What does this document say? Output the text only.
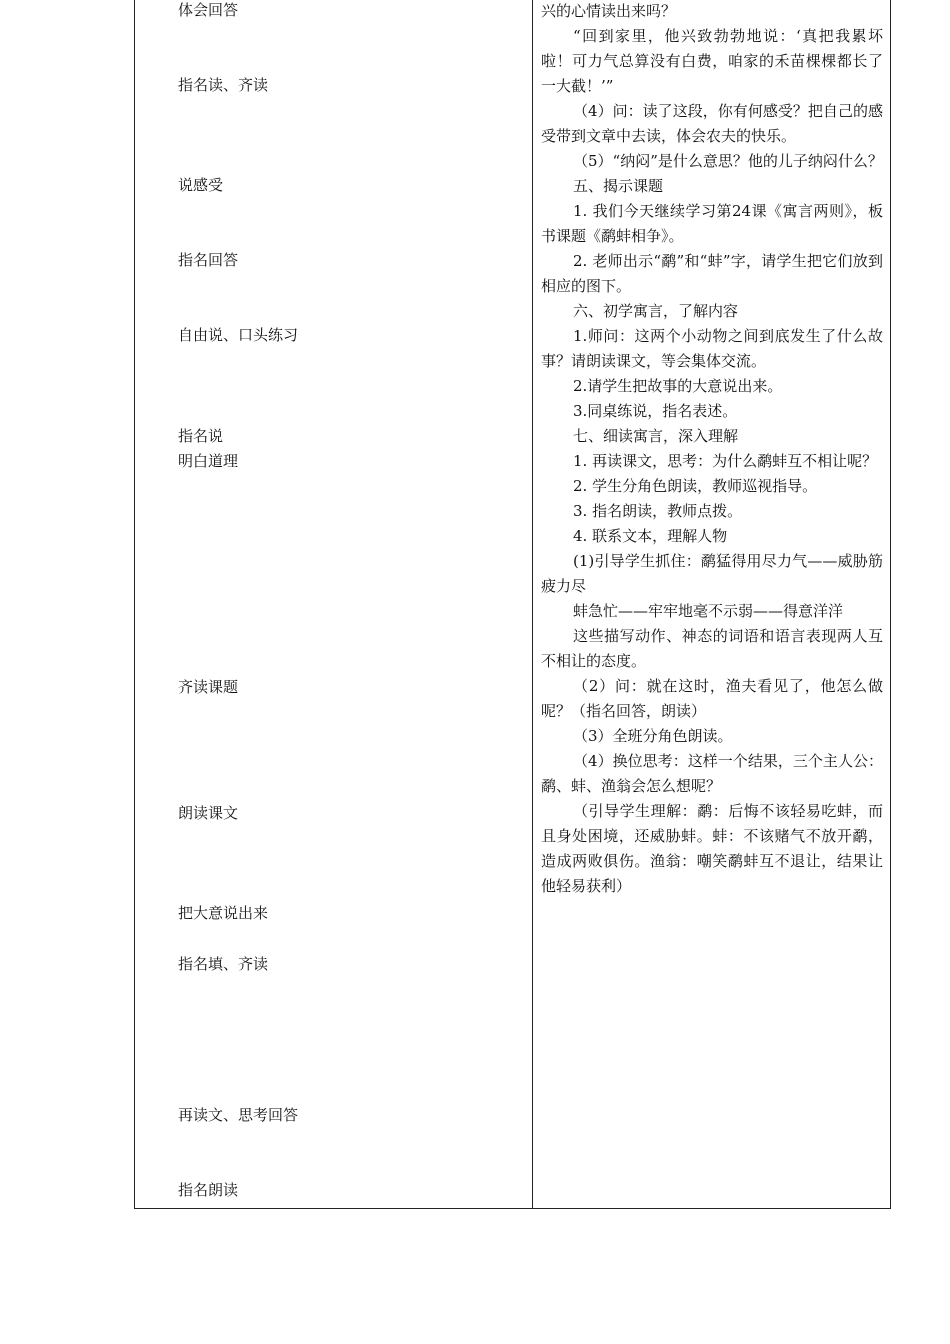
体会回答
指名读、齐读
说感受
指名回答
自由说、口头练习
指名说
明白道理
齐读课题
朗读课文
把大意说出来
指名填、齐读
再读文、思考回答
指名朗读

兴的心情读出来吗？

“回到家里，他兴致勃勃地说：‘真把我累坏啦！可力气总算没有白费，咱家的禾苗棵棵都长了一大截！’”

（4）问：读了这段，你有何感受？把自己的感受带到文章中去读，体会农夫的快乐。

（5）“纳闷”是什么意思？他的儿子纳闷什么？

五、揭示课题

1. 我们今天继续学习第24课《寓言两则》，板书课题《鹬蚌相争》。

2. 老师出示“鹬”和“蚌”字，请学生把它们放到相应的图下。

六、初学寓言，了解内容

1.师问：这两个小动物之间到底发生了什么故事？请朗读课文，等会集体交流。

2.请学生把故事的大意说出来。

3.同桌练说，指名表述。

七、细读寓言，深入理解

1. 再读课文，思考：为什么鹬蚌互不相让呢？

2. 学生分角色朗读，教师巡视指导。

3. 指名朗读，教师点拨。

4. 联系文本，理解人物

(1)引导学生抓住：鹬猛得用尽力气——威胁筋疲力尽

蚌急忙——牢牢地毫不示弱——得意洋洋

这些描写动作、神态的词语和语言表现两人互不相让的态度。

（2）问：就在这时，渔夫看见了，他怎么做呢？（指名回答，朗读）

（3）全班分角色朗读。

（4）换位思考：这样一个结果，三个主人公：鹬、蚌、渔翁会怎么想呢？

（引导学生理解：鹬：后悔不该轻易吃蚌，而且身处困境，还威胁蚌。蚌：不该赌气不放开鹬，造成两败俱伤。渔翁：嘲笑鹬蚌互不退让，结果让他轻易获利）
